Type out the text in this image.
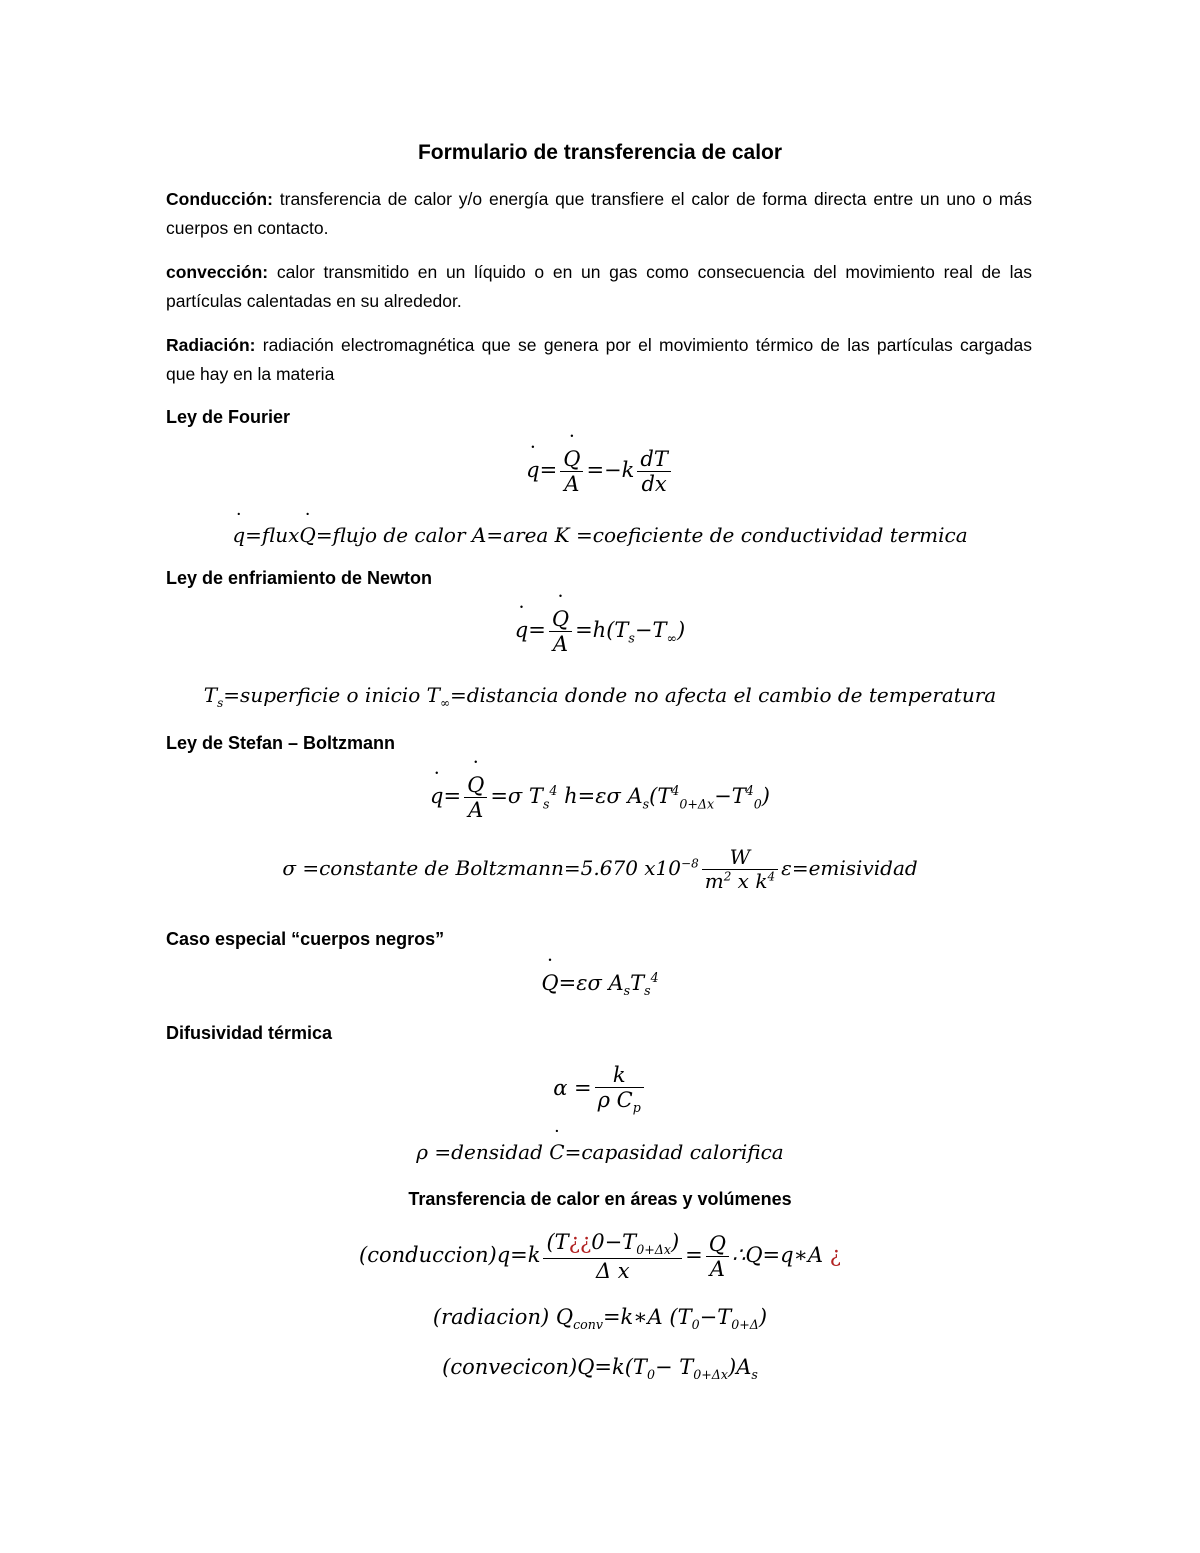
Formulario de transferencia de calor
Conducción: transferencia de calor y/o energía que transfiere el calor de forma directa entre un uno o más cuerpos en contacto.
convección: calor transmitido en un líquido o en un gas como consecuencia del movimiento real de las partículas calentadas en su alrededor.
Radiación: radiación electromagnética que se genera por el movimiento térmico de las partículas cargadas que hay en la materia
Ley de Fourier
˙ q= ˙ $\frac{Q}{A} =-k \frac{dT}{dx}$
˙ q=flux˙ Q=flujo de calor A=area K =coeficiente de conductividad termica
Ley de enfriamiento de Newton
˙ q= ˙ $\frac{Q}{A} =h(T_s-T_\infty)$
$T_s=superficie$ o inicio $T_\infty=distancia$ donde no afecta el cambio de temperatura
Ley de Stefan – Boltzmann
˙ q= ˙ $\frac{Q}{A} =\sigma$ $T_s^4$ h=εσ $A_s(T^4_{0+\Delta x}-T^4_0)$
σ =constante de Boltzmann=5.670 $x10^{-8} \frac{W}{m^2 x k^4}$ ε=emisividad
Caso especial “cuerpos negros”
˙ Q=εσ $A_sT_s^4$
Difusividad térmica
$\alpha = \frac{k}{\rho C_p}$
ρ =densidad ˙ C=capasidad calorifica
Transferencia de calor en áreas y volúmenes
(conduccion)q=k $\frac{(T¿¿0-T_{0+\Delta x})}{\text{Δ x}} = \frac{Q}{A}$ ∴Q=q∗A ¿
(radiacion) $Q_{conv}=k∗A$ $(T_0-T_{0+\Delta})$
$(convecicon)Q=k(T_0- T_{0+\Delta x})A_s$
